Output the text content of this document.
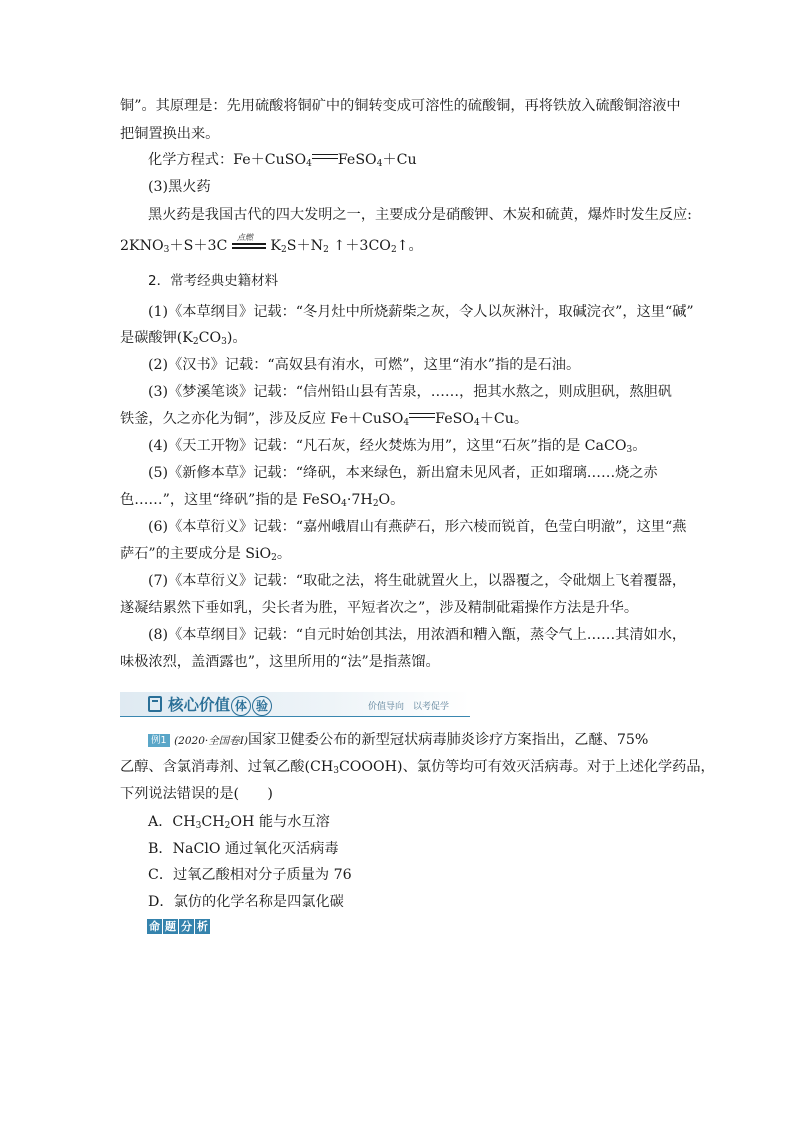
铜”。其原理是：先用硫酸将铜矿中的铜转变成可溶性的硫酸铜，再将铁放入硫酸铜溶液中
把铜置换出来。
化学方程式：Fe＋CuSO$_4$ FeSO$_4$＋Cu
(3)黑火药
黑火药是我国古代的四大发明之一，主要成分是硝酸钾、木炭和硫黄，爆炸时发生反应:
$2KNO_3+S+3C$
点燃
$K_2S+N_2$ $↑+3CO_2↑$。
2．常考经典史籍材料
(1)《本草纲目》记载：“冬月灶中所烧薪柴之灰，令人以灰淋汁，取碱浣衣”，这里“碱”
是碳酸钾$(K_2CO_3)$。
(2)《汉书》记载：“高奴县有洧水，可燃”，这里“洧水”指的是石油。
(3)《梦溪笔谈》记载：“信州铅山县有苦泉，……，挹其水熬之，则成胆矾，熬胆矾
铁釜，久之亦化为铜”，涉及反应 Fe＋CuSO$_4$ FeSO$_4$＋Cu。
(4)《天工开物》记载：“凡石灰，经火焚炼为用”，这里“石灰”指的是 CaCO$_3$。
(5)《新修本草》记载：“绛矾，本来绿色，新出窟未见风者，正如瑠璃……烧之赤
色……”，这里“绛矾”指的是 $FeSO_4\cdot 7H_2O$。
(6)《本草衍义》记载：“嘉州峨眉山有燕萨石，形六棱而锐首，色莹白明澈”，这里“燕
萨石”的主要成分是 SiO$_2$。
(7)《本草衍义》记载：“取砒之法，将生砒就置火上，以器覆之，令砒烟上飞着覆器，
遂凝结累然下垂如乳，尖长者为胜，平短者次之”，涉及精制砒霜操作方法是升华。
(8)《本草纲目》记载：“自元时始创其法，用浓酒和糟入甑，蒸令气上……其清如水，
味极浓烈，盖酒露也”，这里所用的“法”是指蒸馏。
核心价值 体 验	价值导向　以考促学
例1 (2020·全国卷Ⅰ)国家卫健委公布的新型冠状病毒肺炎诊疗方案指出，乙醚、75%
乙醇、含氯消毒剂、过氧乙酸$(CH_3COOOH)$、氯仿等均可有效灭活病毒。对于上述化学药品，
下列说法错误的是(　　)
A．$CH_3CH_2OH$ 能与水互溶
B．NaClO 通过氧化灭活病毒
C．过氧乙酸相对分子质量为 76
D．氯仿的化学名称是四氯化碳
命 题 分 析
